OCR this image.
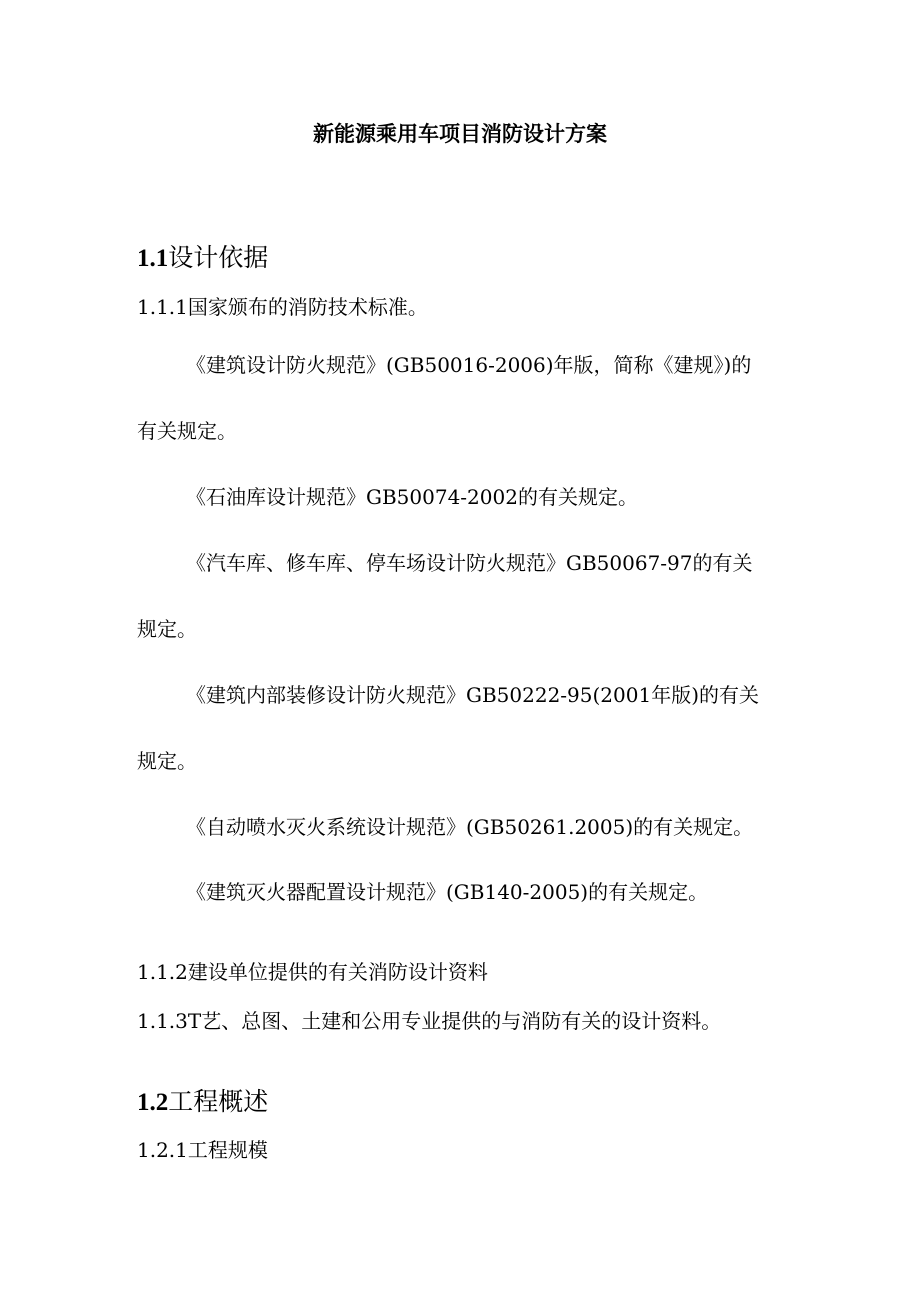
新能源乘用车项目消防设计方案
1.1设计依据
1.1.1国家颁布的消防技术标准。
《建筑设计防火规范》(GB50016-2006)年版，简称《建规》)的
有关规定。
《石油库设计规范》GB50074-2002的有关规定。
《汽车库、修车库、停车场设计防火规范》GB50067-97的有关
规定。
《建筑内部装修设计防火规范》GB50222-95(2001年版)的有关
规定。
《自动喷水灭火系统设计规范》(GB50261.2005)的有关规定。
《建筑灭火器配置设计规范》(GB140-2005)的有关规定。
1.1.2建设单位提供的有关消防设计资料
1.1.3T艺、总图、土建和公用专业提供的与消防有关的设计资料。
1.2工程概述
1.2.1工程规模
